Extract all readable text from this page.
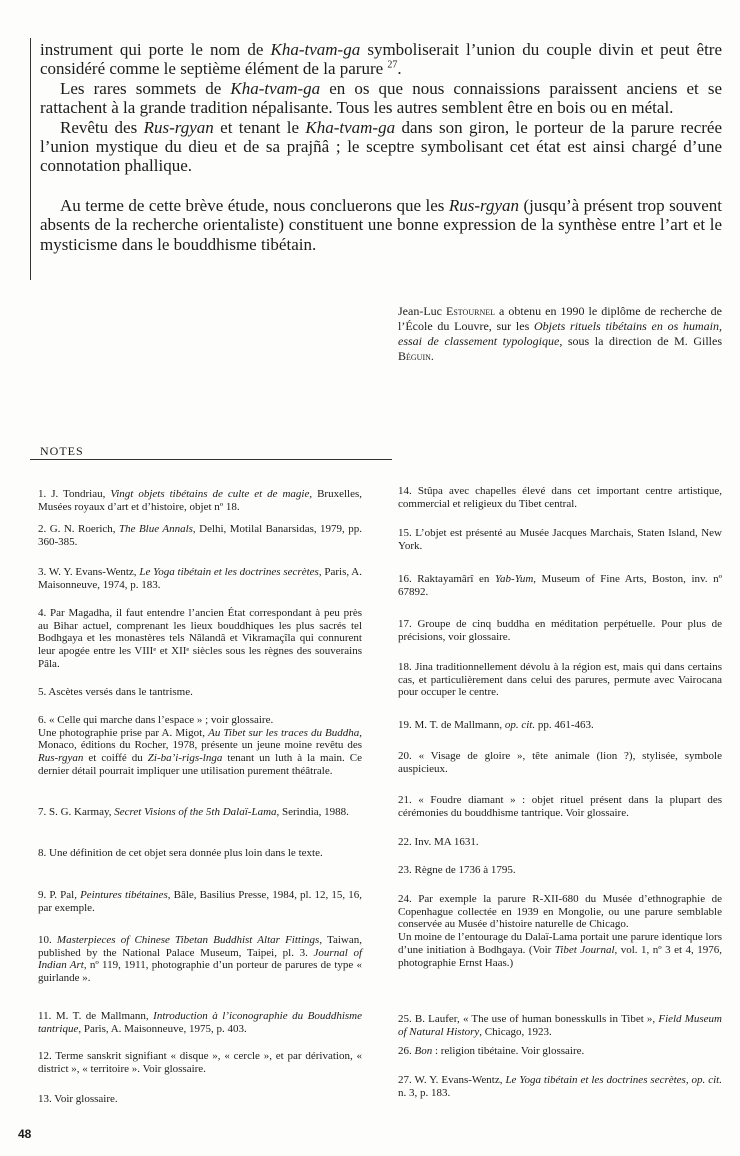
instrument qui porte le nom de Kha-tvam-ga symboliserait l’union du couple divin et peut être considéré comme le septième élément de la parure $^{27}$.

Les rares sommets de Kha-tvam-ga en os que nous connaissions paraissent anciens et se rattachent à la grande tradition népalisante. Tous les autres semblent être en bois ou en métal.

Revêtu des Rus-rgyan et tenant le Kha-tvam-ga dans son giron, le porteur de la parure recrée l’union mystique du dieu et de sa prajñâ ; le sceptre symbolisant cet état est ainsi chargé d’une connotation phallique.

Au terme de cette brève étude, nous concluerons que les Rus-rgyan (jusqu’à présent trop souvent absents de la recherche orientaliste) constituent une bonne expression de la synthèse entre l’art et le mysticisme dans le bouddhisme tibétain.

Jean-Luc Estournel a obtenu en 1990 le diplôme de recherche de l’École du Louvre, sur les Objets rituels tibétains en os humain, essai de classement typologique, sous la direction de M. Gilles Béguin.
NOTES
1. J. Tondriau, Vingt objets tibétains de culte et de magie, Bruxelles, Musées royaux d’art et d’histoire, objet nº 18.
2. G. N. Roerich, The Blue Annals, Delhi, Motilal Banarsidas, 1979, pp. 360-385.
3. W. Y. Evans-Wentz, Le Yoga tibétain et les doctrines secrètes, Paris, A. Maisonneuve, 1974, p. 183.
4. Par Magadha, il faut entendre l’ancien État correspondant à peu près au Bihar actuel, comprenant les lieux bouddhiques les plus sacrés tel Bodhgaya et les monastères tels Nâlandâ et Vikramaçîla qui connurent leur apogée entre les VIIIᵉ et XIIᵉ siècles sous les règnes des souverains Pâla.
5. Ascètes versés dans le tantrisme.
6. « Celle qui marche dans l’espace » ; voir glossaire.
Une photographie prise par A. Migot, Au Tibet sur les traces du Buddha, Monaco, éditions du Rocher, 1978, présente un jeune moine revêtu des Rus-rgyan et coiffé du Zi-ba’i-rigs-lnga tenant un luth à la main. Ce dernier détail pourrait impliquer une utilisation purement théâtrale.
7. S. G. Karmay, Secret Visions of the 5th Dalaï-Lama, Serindia, 1988.
8. Une définition de cet objet sera donnée plus loin dans le texte.
9. P. Pal, Peintures tibétaines, Bâle, Basilius Presse, 1984, pl. 12, 15, 16, par exemple.
10. Masterpieces of Chinese Tibetan Buddhist Altar Fittings, Taiwan, published by the National Palace Museum, Taipei, pl. 3. Journal of Indian Art, nº 119, 1911, photographie d’un porteur de parures de type « guirlande ».
11. M. T. de Mallmann, Introduction à l’iconographie du Bouddhisme tantrique, Paris, A. Maisonneuve, 1975, p. 403.
12. Terme sanskrit signifiant « disque », « cercle », et par dérivation, « district », « territoire ». Voir glossaire.
13. Voir glossaire.
14. Stûpa avec chapelles élevé dans cet important centre artistique, commercial et religieux du Tibet central.
15. L’objet est présenté au Musée Jacques Marchais, Staten Island, New York.
16. Raktayamârî en Yab-Yum, Museum of Fine Arts, Boston, inv. nº 67892.
17. Groupe de cinq buddha en méditation perpétuelle. Pour plus de précisions, voir glossaire.
18. Jina traditionnellement dévolu à la région est, mais qui dans certains cas, et particulièrement dans celui des parures, permute avec Vairocana pour occuper le centre.
19. M. T. de Mallmann, op. cit. pp. 461-463.
20. « Visage de gloire », tête animale (lion ?), stylisée, symbole auspicieux.
21. « Foudre diamant » : objet rituel présent dans la plupart des cérémonies du bouddhisme tantrique. Voir glossaire.
22. Inv. MA 1631.
23. Règne de 1736 à 1795.
24. Par exemple la parure R-XII-680 du Musée d’ethnographie de Copenhague collectée en 1939 en Mongolie, ou une parure semblable conservée au Musée d’histoire naturelle de Chicago.
Un moine de l’entourage du Dalaï-Lama portait une parure identique lors d’une initiation à Bodhgaya. (Voir Tibet Journal, vol. 1, nº 3 et 4, 1976, photographie Ernst Haas.)
25. B. Laufer, « The use of human bonesskulls in Tibet », Field Museum of Natural History, Chicago, 1923.
26. Bon : religion tibétaine. Voir glossaire.
27. W. Y. Evans-Wentz, Le Yoga tibétain et les doctrines secrètes, op. cit. n. 3, p. 183.
48
